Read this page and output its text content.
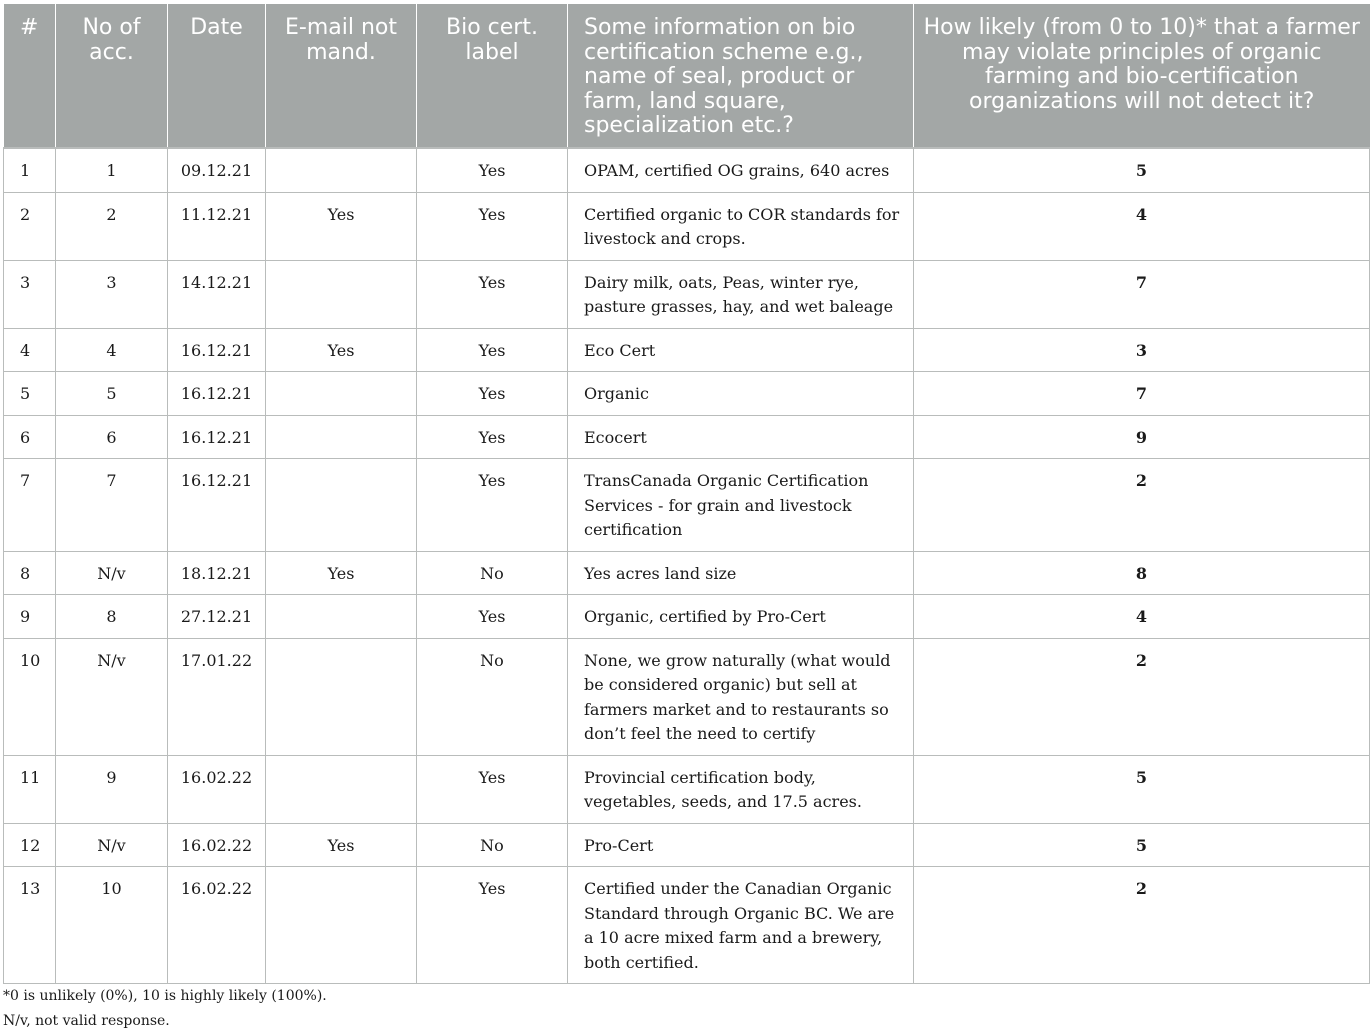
#	No of acc.	Date	E-mail not mand.	Bio cert. label	Some information on bio certification scheme e.g., name of seal, product or farm, land square, specialization etc.?	How likely (from 0 to 10)* that a farmer may violate principles of organic farming and bio-certification organizations will not detect it?
1	1	09.12.21		Yes	OPAM, certified OG grains, 640 acres	5
2	2	11.12.21	Yes	Yes	Certified organic to COR standards for livestock and crops.	4
3	3	14.12.21		Yes	Dairy milk, oats, Peas, winter rye, pasture grasses, hay, and wet baleage	7
4	4	16.12.21	Yes	Yes	Eco Cert	3
5	5	16.12.21		Yes	Organic	7
6	6	16.12.21		Yes	Ecocert	9
7	7	16.12.21		Yes	TransCanada Organic Certification Services - for grain and livestock certification	2
8	N/v	18.12.21	Yes	No	Yes acres land size	8
9	8	27.12.21		Yes	Organic, certified by Pro-Cert	4
10	N/v	17.01.22		No	None, we grow naturally (what would be considered organic) but sell at farmers market and to restaurants so don’t feel the need to certify	2
11	9	16.02.22		Yes	Provincial certification body, vegetables, seeds, and 17.5 acres.	5
12	N/v	16.02.22	Yes	No	Pro-Cert	5
13	10	16.02.22		Yes	Certified under the Canadian Organic Standard through Organic BC. We are a 10 acre mixed farm and a brewery, both certified.	2
*0 is unlikely (0%), 10 is highly likely (100%).
N/v, not valid response.
